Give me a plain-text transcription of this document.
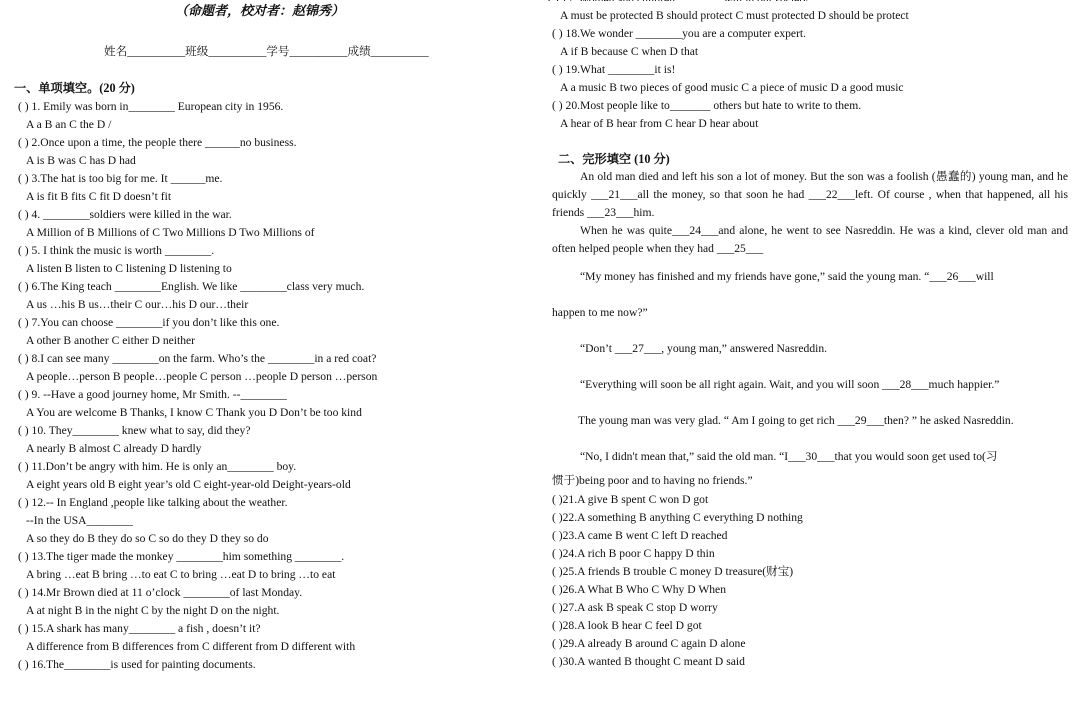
（命题者，校对者：赵锦秀）
姓名__________班级__________学号__________成绩__________
一、单项填空。(20 分)
( ) 1. Emily was born in________ European city in 1956.
A a B an C the D /
( ) 2.Once upon a time, the people there ______no business.
A is B was C has D had
( ) 3.The hat is too big for me. It ______me.
A is fit B fits C fit D doesn’t fit
( ) 4. ________soldiers were killed in the war.
A Million of B Millions of C Two Millions D Two Millions of
( ) 5. I think the music is worth ________.
A listen B listen to C listening D listening to
( ) 6.The King teach ________English. We like ________class very much.
A us …his B us…their C our…his D our…their
( ) 7.You can choose ________if you don’t like this one.
A other B another C either D neither
( ) 8.I can see many ________on the farm. Who’s the ________in a red coat?
A people…person B people…people C person …people D person …person
( ) 9. --Have a good journey home, Mr Smith. --________
A You are welcome B Thanks, I know C Thank you D Don’t be too kind
( ) 10. They________ knew what to say, did they?
A nearly B almost C already D hardly
( ) 11.Don’t be angry with him. He is only an________ boy.
A eight years old B eight year’s old C eight-year-old Deight-years-old
( ) 12.-- In England ,people like talking about the weather.
--In the USA________
A so they do B they do so C so do they D they so do
( ) 13.The tiger made the monkey ________him something ________.
A bring …eat B bring …to eat C to bring …eat D to bring …to eat
( ) 14.Mr Brown died at 11 o’clock ________of last Monday.
A at night B in the night C by the night D on the night.
( ) 15.A shark has many________ a fish , doesn’t it?
A difference from B differences from C different from D different with
( ) 16.The________is used for painting documents.
A must be protected B should protect C must protected D should be protect
( ) 18.We wonder ________you are a computer expert.
A if B because C when D that
( ) 19.What ________it is!
A a music B two pieces of good music C a piece of music D a good music
( ) 20.Most people like to_______ others but hate to write to them.
A hear of B hear from C hear D hear about
二、完形填空 (10 分)
An old man died and left his son a lot of money. But the son was a foolish (愚蠢的) young man, and he quickly ___21___all the money, so that soon he had ___22___left. Of course , when that happened, all his friends ___23___him.
When he was quite___24___and alone, he went to see Nasreddin. He was a kind, clever old man and often helped people when they had ___25___
“My money has finished and my friends have gone,” said the young man. “___26___will
happen to me now?”
“Don’t ___27___, young man,” answered Nasreddin.
“Everything will soon be all right again. Wait, and you will soon ___28___much happier.”
The young man was very glad. “ Am I going to get rich ___29___then? ” he asked Nasreddin.
“No, I didn't mean that,” said the old man. “I___30___that you would soon get used to(习
惯于)being poor and to having no friends.”
( )21.A give B spent C won D got
( )22.A something B anything C everything D nothing
( )23.A came B went C left D reached
( )24.A rich B poor C happy D thin
( )25.A friends B trouble C money D treasure(财宝)
( )26.A What B Who C Why D When
( )27.A ask B speak C stop D worry
( )28.A look B hear C feel D got
( )29.A already B around C again D alone
( )30.A wanted B thought C meant D said
